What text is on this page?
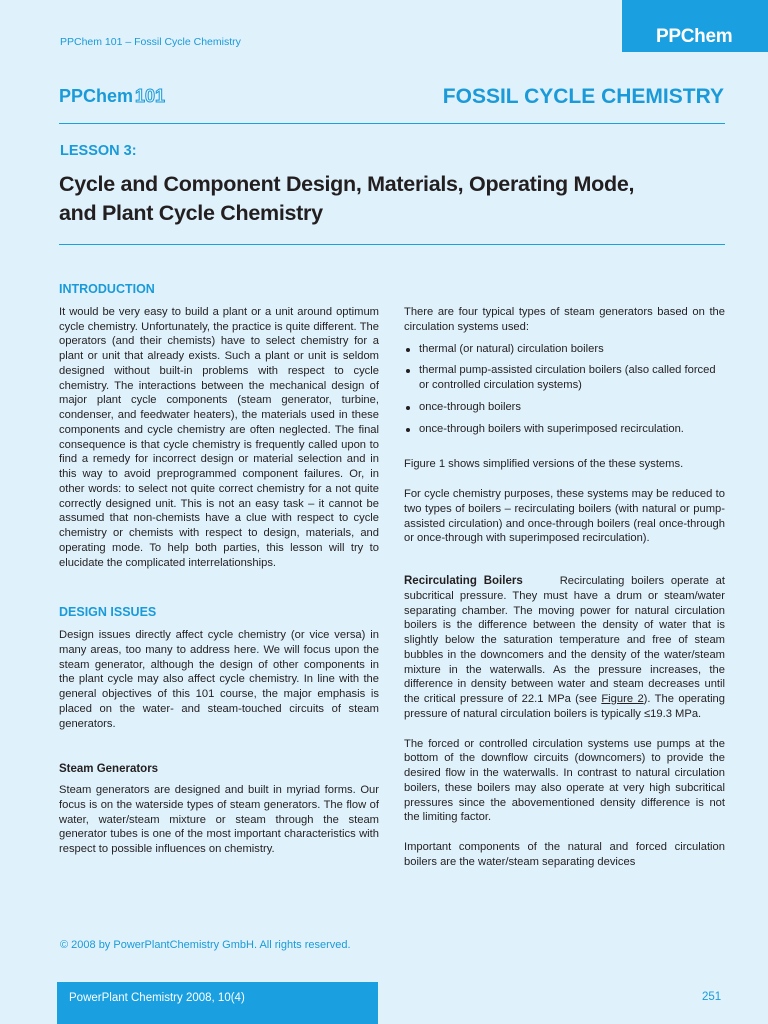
PPChem
PPChem 101 – Fossil Cycle Chemistry
PPChem 101	FOSSIL CYCLE CHEMISTRY
LESSON 3:
Cycle and Component Design, Materials, Operating Mode,
and Plant Cycle Chemistry
INTRODUCTION

It would be very easy to build a plant or a unit around optimum cycle chemistry. Unfortunately, the practice is quite different. The operators (and their chemists) have to select chemistry for a plant or unit that already exists. Such a plant or unit is seldom designed without built-in problems with respect to cycle chemistry. The interactions between the mechanical design of major plant cycle components (steam generator, turbine, condenser, and feedwater heaters), the materials used in these components and cycle chemistry are often neglected. The final consequence is that cycle chemistry is frequently called upon to find a remedy for incorrect design or material selection and in this way to avoid preprogrammed component failures. Or, in other words: to select not quite correct chemistry for a not quite correctly designed unit. This is not an easy task – it cannot be assumed that non-chemists have a clue with respect to cycle chemistry or chemists with respect to design, materials, and operating mode. To help both parties, this lesson will try to elucidate the complicated interrelationships.

DESIGN ISSUES

Design issues directly affect cycle chemistry (or vice versa) in many areas, too many to address here. We will focus upon the steam generator, although the design of other components in the plant cycle may also affect cycle chemistry. In line with the general objectives of this 101 course, the major emphasis is placed on the water- and steam-touched circuits of steam generators.

Steam Generators

Steam generators are designed and built in myriad forms. Our focus is on the waterside types of steam generators. The flow of water, water/steam mixture or steam through the steam generator tubes is one of the most important characteristics with respect to possible influences on chemistry.

There are four typical types of steam generators based on the circulation systems used:

thermal (or natural) circulation boilers
thermal pump-assisted circulation boilers (also called forced or controlled circulation systems)
once-through boilers
once-through boilers with superimposed recirculation.

Figure 1 shows simplified versions of the these systems.

For cycle chemistry purposes, these systems may be reduced to two types of boilers – recirculating boilers (with natural or pump-assisted circulation) and once-through boilers (real once-through or once-through with superimposed recirculation).

Recirculating Boilers	Recirculating boilers operate at subcritical pressure. They must have a drum or steam/water separating chamber. The moving power for natural circulation boilers is the difference between the density of water that is slightly below the saturation temperature and free of steam bubbles in the downcomers and the density of the water/steam mixture in the waterwalls. As the pressure increases, the difference in density between water and steam decreases until the critical pressure of 22.1 MPa (see Figure 2). The operating pressure of natural circulation boilers is typically ≤19.3 MPa.

The forced or controlled circulation systems use pumps at the bottom of the downflow circuits (downcomers) to provide the desired flow in the waterwalls. In contrast to natural circulation boilers, these boilers may also operate at very high subcritical pressures since the abovementioned density difference is not the limiting factor.

Important components of the natural and forced circulation boilers are the water/steam separating devices

© 2008 by PowerPlantChemistry GmbH. All rights reserved.
PowerPlant Chemistry 2008, 10(4)	251
